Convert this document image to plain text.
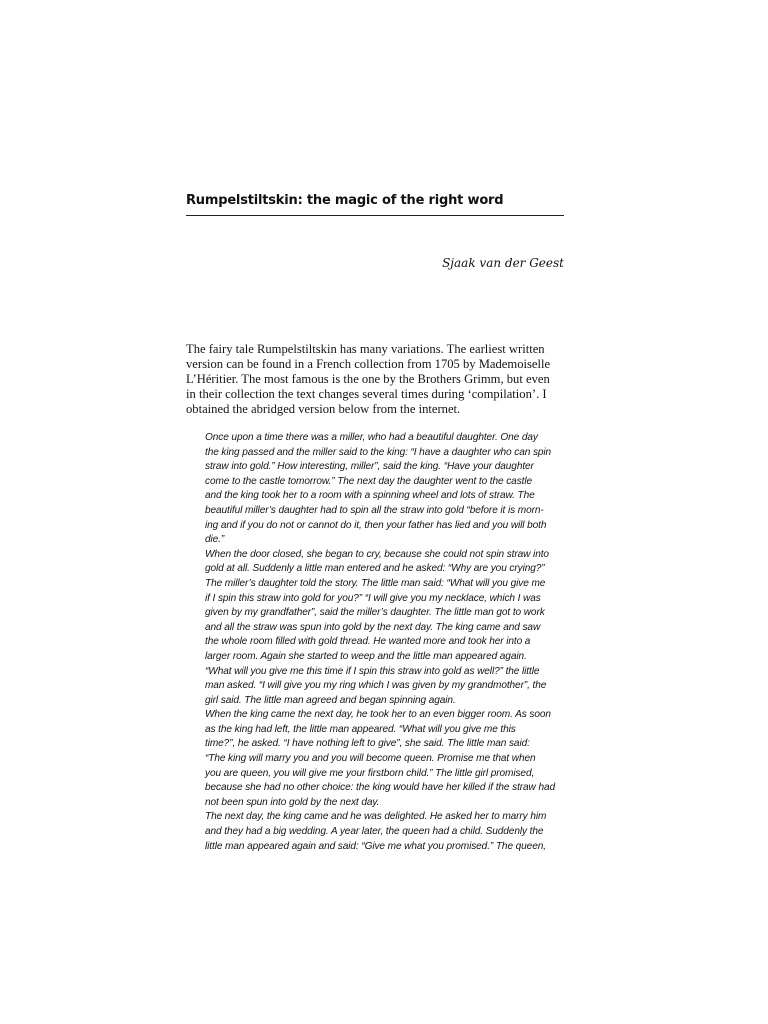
Rumpelstiltskin: the magic of the right word
Sjaak van der Geest
The fairy tale Rumpelstiltskin has many variations. The earliest written
version can be found in a French collection from 1705 by Mademoiselle
L’Héritier. The most famous is the one by the Brothers Grimm, but even
in their collection the text changes several times during ‘compilation’. I
obtained the abridged version below from the internet.
Once upon a time there was a miller, who had a beautiful daughter. One day
the king passed and the miller said to the king: “I have a daughter who can spin
straw into gold.” How interesting, miller”, said the king. “Have your daughter
come to the castle tomorrow.” The next day the daughter went to the castle
and the king took her to a room with a spinning wheel and lots of straw. The
beautiful miller’s daughter had to spin all the straw into gold “before it is morn-
ing and if you do not or cannot do it, then your father has lied and you will both
die.”
When the door closed, she began to cry, because she could not spin straw into
gold at all. Suddenly a little man entered and he asked: “Why are you crying?”
The miller’s daughter told the story. The little man said: “What will you give me
if I spin this straw into gold for you?” “I will give you my necklace, which I was
given by my grandfather”, said the miller’s daughter. The little man got to work
and all the straw was spun into gold by the next day. The king came and saw
the whole room filled with gold thread. He wanted more and took her into a
larger room. Again she started to weep and the little man appeared again.
“What will you give me this time if I spin this straw into gold as well?” the little
man asked. “I will give you my ring which I was given by my grandmother”, the
girl said. The little man agreed and began spinning again.
When the king came the next day, he took her to an even bigger room. As soon
as the king had left, the little man appeared. “What will you give me this
time?”, he asked. “I have nothing left to give”, she said. The little man said:
“The king will marry you and you will become queen. Promise me that when
you are queen, you will give me your firstborn child.” The little girl promised,
because she had no other choice: the king would have her killed if the straw had
not been spun into gold by the next day.
The next day, the king came and he was delighted. He asked her to marry him
and they had a big wedding. A year later, the queen had a child. Suddenly the
little man appeared again and said: “Give me what you promised.” The queen,
